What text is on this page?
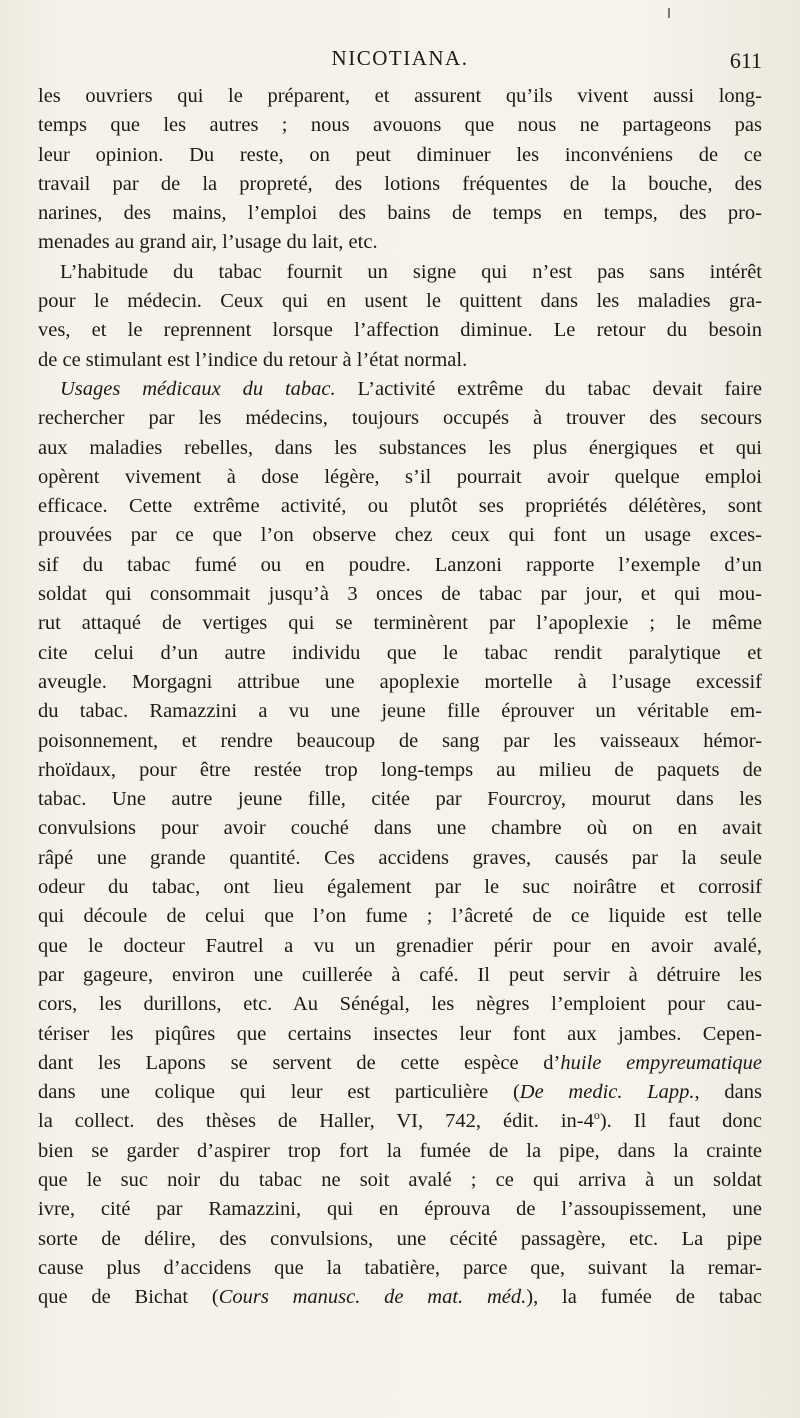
NICOTIANA.	611
les ouvriers qui le préparent, et assurent qu’ils vivent aussi long-
temps que les autres ; nous avouons que nous ne partageons pas
leur opinion. Du reste, on peut diminuer les inconvéniens de ce
travail par de la propreté, des lotions fréquentes de la bouche, des
narines, des mains, l’emploi des bains de temps en temps, des pro-
menades au grand air, l’usage du lait, etc.
L’habitude du tabac fournit un signe qui n’est pas sans intérêt
pour le médecin. Ceux qui en usent le quittent dans les maladies gra-
ves, et le reprennent lorsque l’affection diminue. Le retour du besoin
de ce stimulant est l’indice du retour à l’état normal.
Usages médicaux du tabac. L’activité extrême du tabac devait faire
rechercher par les médecins, toujours occupés à trouver des secours
aux maladies rebelles, dans les substances les plus énergiques et qui
opèrent vivement à dose légère, s’il pourrait avoir quelque emploi
efficace. Cette extrême activité, ou plutôt ses propriétés délétères, sont
prouvées par ce que l’on observe chez ceux qui font un usage exces-
sif du tabac fumé ou en poudre. Lanzoni rapporte l’exemple d’un
soldat qui consommait jusqu’à 3 onces de tabac par jour, et qui mou-
rut attaqué de vertiges qui se terminèrent par l’apoplexie ; le même
cite celui d’un autre individu que le tabac rendit paralytique et
aveugle. Morgagni attribue une apoplexie mortelle à l’usage excessif
du tabac. Ramazzini a vu une jeune fille éprouver un véritable em-
poisonnement, et rendre beaucoup de sang par les vaisseaux hémor-
rhoïdaux, pour être restée trop long-temps au milieu de paquets de
tabac. Une autre jeune fille, citée par Fourcroy, mourut dans les
convulsions pour avoir couché dans une chambre où on en avait
râpé une grande quantité. Ces accidens graves, causés par la seule
odeur du tabac, ont lieu également par le suc noirâtre et corrosif
qui découle de celui que l’on fume ; l’âcreté de ce liquide est telle
que le docteur Fautrel a vu un grenadier périr pour en avoir avalé,
par gageure, environ une cuillerée à café. Il peut servir à détruire les
cors, les durillons, etc. Au Sénégal, les nègres l’emploient pour cau-
tériser les piqûres que certains insectes leur font aux jambes. Cepen-
dant les Lapons se servent de cette espèce d’huile empyreumatique
dans une colique qui leur est particulière (De medic. Lapp., dans
la collect. des thèses de Haller, VI, 742, édit. in-4$^o$). Il faut donc
bien se garder d’aspirer trop fort la fumée de la pipe, dans la crainte
que le suc noir du tabac ne soit avalé ; ce qui arriva à un soldat
ivre, cité par Ramazzini, qui en éprouva de l’assoupissement, une
sorte de délire, des convulsions, une cécité passagère, etc. La pipe
cause plus d’accidens que la tabatière, parce que, suivant la remar-
que de Bichat (Cours manusc. de mat. méd.), la fumée de tabac
